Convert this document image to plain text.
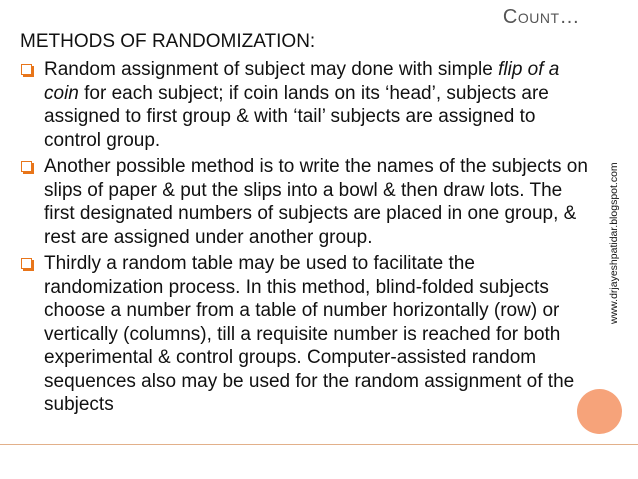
Count…
METHODS OF RANDOMIZATION:
Random assignment of subject may done with simple flip of a coin for each subject; if coin lands on its ‘head’, subjects are assigned to first group & with ‘tail’ subjects are assigned to control group.
Another possible method is to write the names of the subjects on slips of paper & put the slips into a bowl & then draw lots. The first designated numbers of subjects are placed in one group, & rest are assigned under another group.
Thirdly a random table may be used to facilitate the randomization process. In this method, blind-folded subjects choose a number from a table of number horizontally (row) or vertically (columns), till a requisite number is reached for both experimental & control groups. Computer-assisted random sequences also may be used for the random assignment of the subjects
www.drjayeshpatidar.blogspot.com
